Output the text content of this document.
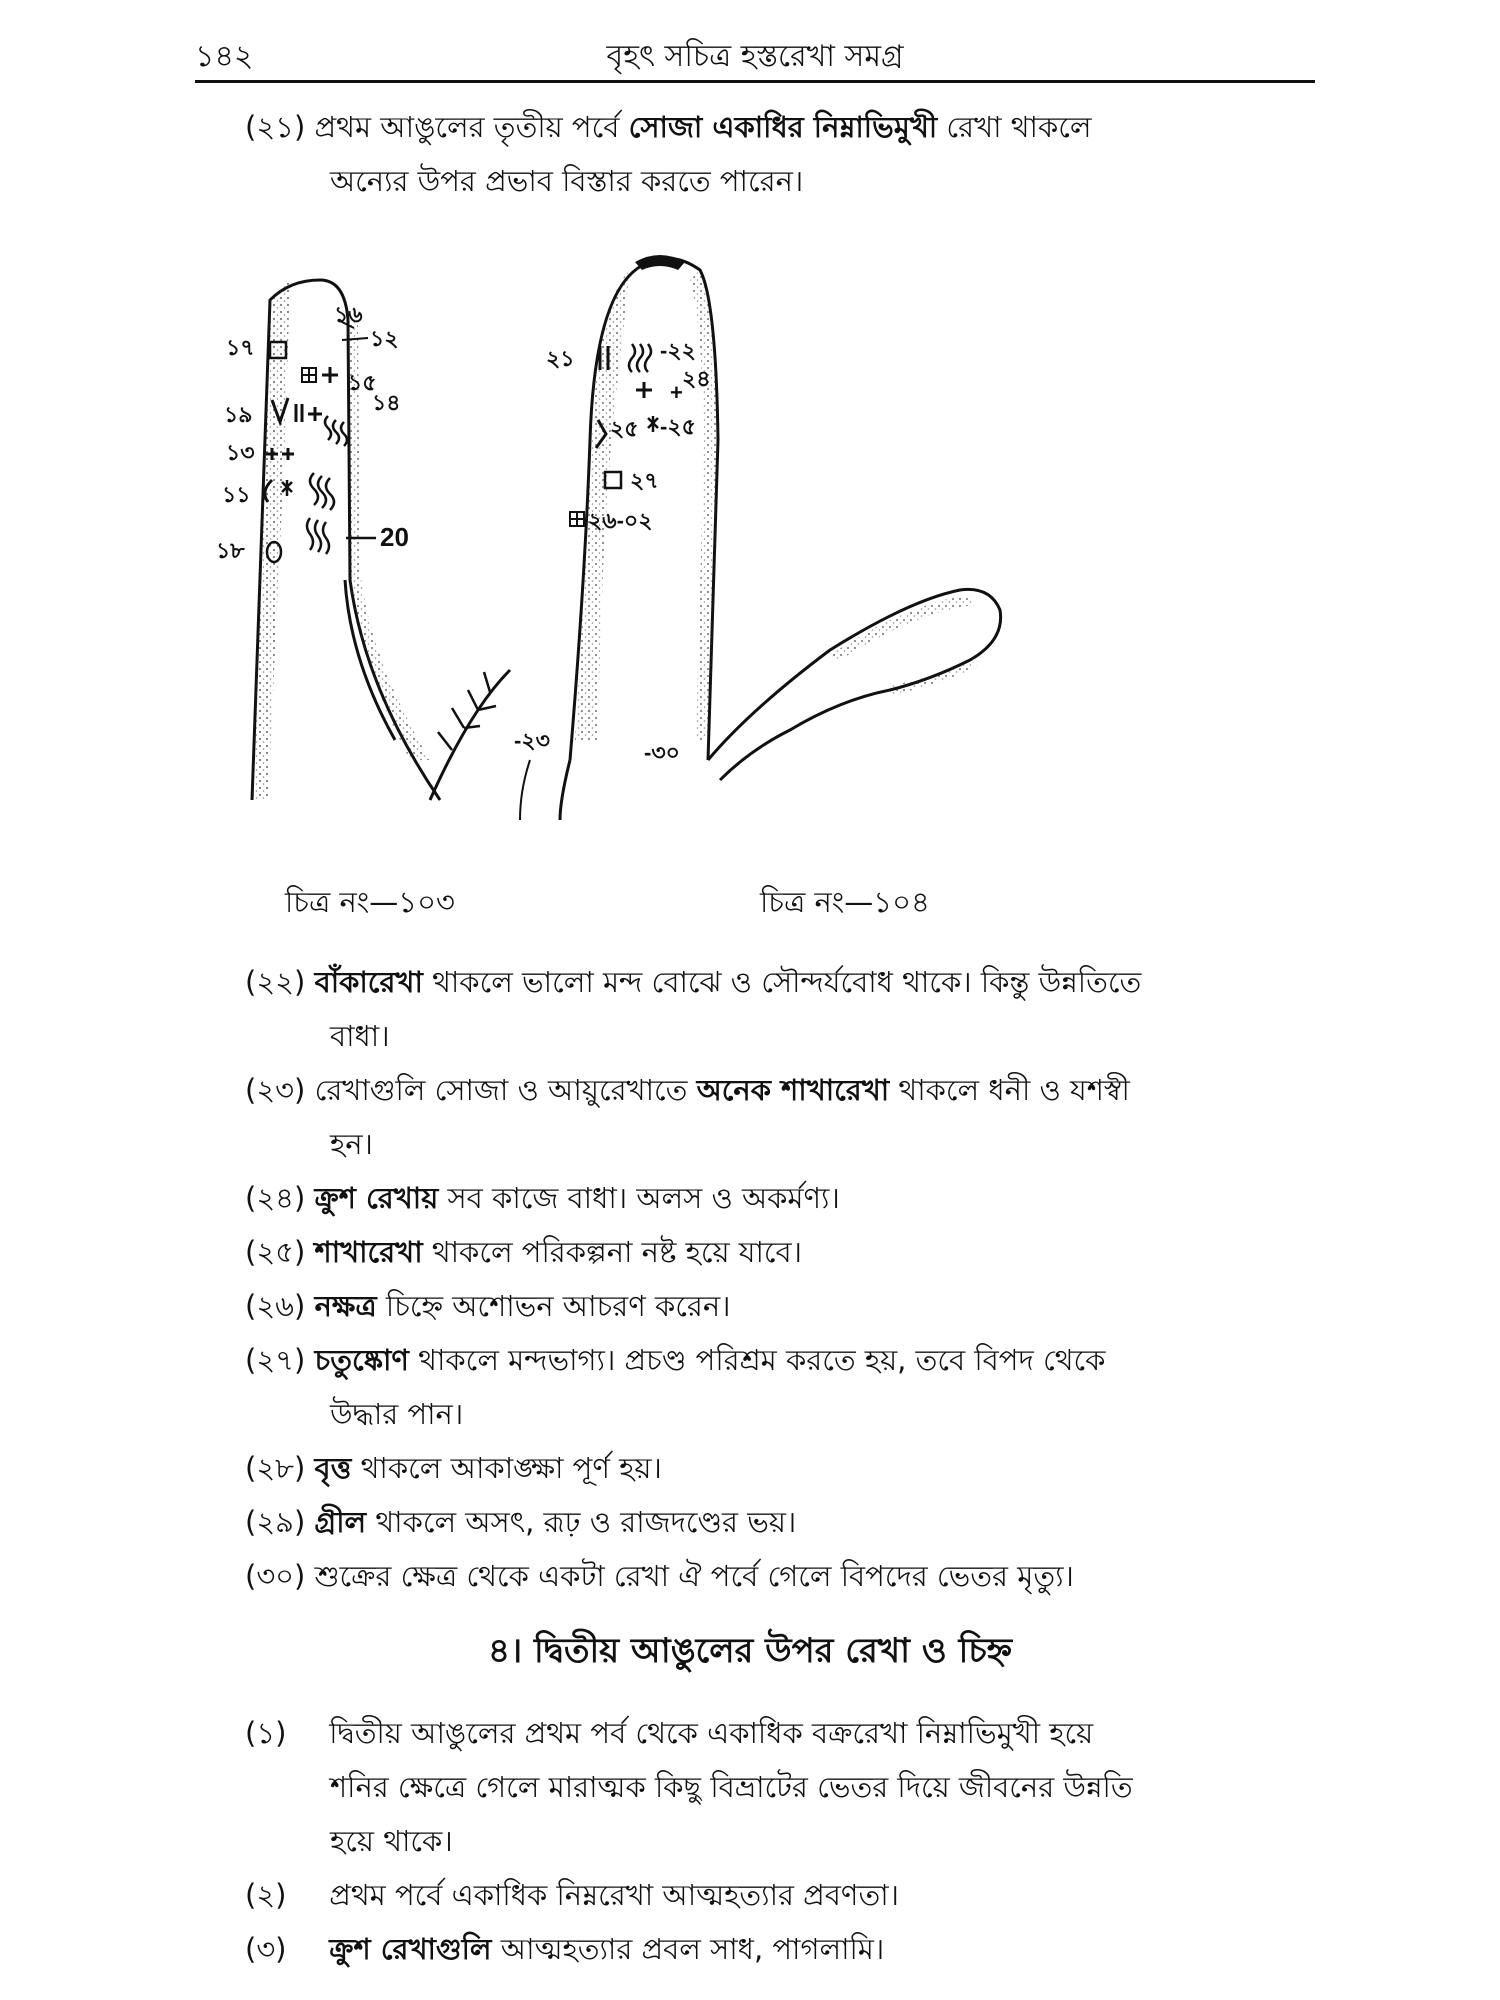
১৪২	বৃহৎ সচিত্র হস্তরেখা সমগ্র
(২১) প্রথম আঙুলের তৃতীয় পর্বে সোজা একাধির নিম্নাভিমুখী রেখা থাকলে
অন্যের উপর প্রভাব বিস্তার করতে পারেন।
১৭
১৬
১২
১৫
১৪
১৯
১৩
১১
১৮	20
২১	-২২
২৪
+
২৫ -২৫
২৭
২৬-০২
-২৩	-৩০
চিত্র নং—১০৩	চিত্র নং—১০৪
(২২) বাঁকারেখা থাকলে ভালো মন্দ বোঝে ও সৌন্দর্যবোধ থাকে। কিন্তু উন্নতিতে
বাধা।
(২৩) রেখাগুলি সোজা ও আয়ুরেখাতে অনেক শাখারেখা থাকলে ধনী ও যশস্বী
হন।
(২৪) ক্রুশ রেখায় সব কাজে বাধা। অলস ও অকর্মণ্য।
(২৫) শাখারেখা থাকলে পরিকল্পনা নষ্ট হয়ে যাবে।
(২৬) নক্ষত্র চিহ্নে অশোভন আচরণ করেন।
(২৭) চতুষ্কোণ থাকলে মন্দভাগ্য। প্রচণ্ড পরিশ্রম করতে হয়, তবে বিপদ থেকে
উদ্ধার পান।
(২৮) বৃত্ত থাকলে আকাঙ্ক্ষা পূর্ণ হয়।
(২৯) গ্রীল থাকলে অসৎ, রূঢ় ও রাজদণ্ডের ভয়।
(৩০) শুক্রের ক্ষেত্র থেকে একটা রেখা ঐ পর্বে গেলে বিপদের ভেতর মৃত্যু।
৪। দ্বিতীয় আঙুলের উপর রেখা ও চিহ্ন
(১) দ্বিতীয় আঙুলের প্রথম পর্ব থেকে একাধিক বক্ররেখা নিম্নাভিমুখী হয়ে
শনির ক্ষেত্রে গেলে মারাত্মক কিছু বিভ্রাটের ভেতর দিয়ে জীবনের উন্নতি
হয়ে থাকে।
(২) প্রথম পর্বে একাধিক নিম্নরেখা আত্মহত্যার প্রবণতা।
(৩) ক্রুশ রেখাগুলি আত্মহত্যার প্রবল সাধ, পাগলামি।
